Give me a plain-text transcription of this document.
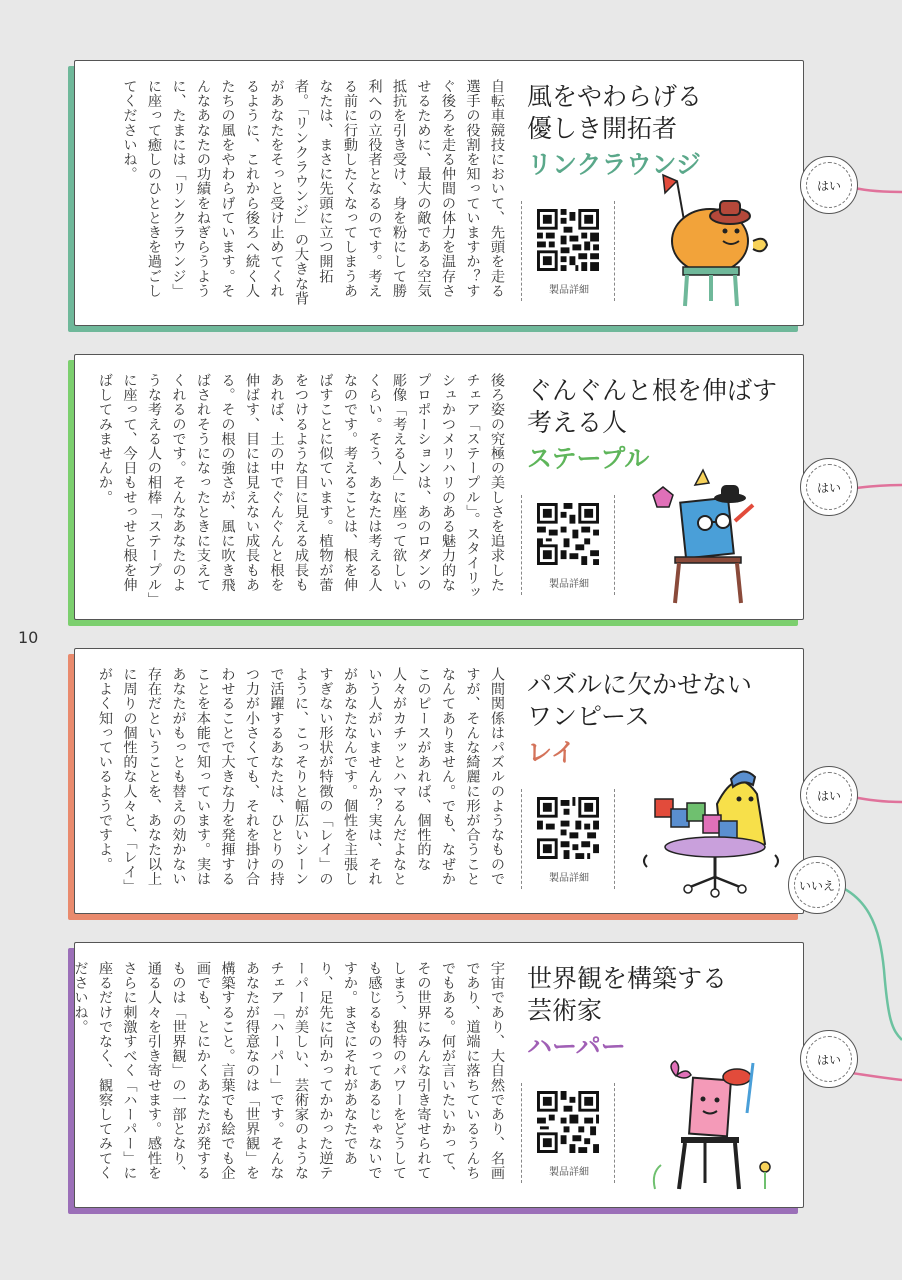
10
自転車競技において、先頭を走る選手の役割を知っていますか？すぐ後ろを走る仲間の体力を温存させるために、最大の敵である空気抵抗を引き受け、身を粉にして勝利への立役者となるのです。考える前に行動したくなってしまうあなたは、まさに先頭に立つ開拓者。「リンクラウンジ」の大きな背があなたをそっと受け止めてくれるように、これから後ろへ続く人たちの風をやわらげています。そんなあなたの功績をねぎらうように、たまには「リンクラウンジ」に座って癒しのひとときを過ごしてくださいね。	風をやわらげる
優しき開拓者
リンクラウンジ
製品詳細
後ろ姿の究極の美しさを追求したチェア「ステープル」。スタイリッシュかつメリハリのある魅力的なプロポーションは、あのロダンの彫像「考える人」に座って欲しいくらい。そう、あなたは考える人なのです。考えることは、根を伸ばすことに似ています。植物が蕾をつけるような目に見える成長もあれば、土の中でぐんぐんと根を伸ばす、目には見えない成長もある。その根の強さが、風に吹き飛ばされそうになったときに支えてくれるのです。そんなあなたのような考える人の相棒「ステープル」に座って、今日もせっせと根を伸ばしてみませんか。	ぐんぐんと根を伸ばす
考える人
ステープル
製品詳細
人間関係はパズルのようなものですが、そんな綺麗に形が合うことなんてありません。でも、なぜかこのピースがあれば、個性的な人々がカチッとハマるんだよなという人がいませんか？実は、それがあなたなんです。個性を主張しすぎない形状が特徴の「レイ」のように、こっそりと幅広いシーンで活躍するあなたは、ひとりの持つ力が小さくても、それを掛け合わせることで大きな力を発揮することを本能で知っています。実はあなたがもっとも替えの効かない存在だということを、あなた以上に周りの個性的な人々と、「レイ」がよく知っているようですよ。	パズルに欠かせない
ワンピース
レイ
製品詳細
宇宙であり、大自然であり、名画であり、道端に落ちているうんちでもある。何が言いたいかって、その世界にみんな引き寄せられてしまう、独特のパワーをどうしても感じるものってあるじゃないですか。まさにそれがあなたであり、足先に向かってかかった逆テーパーが美しい、芸術家のようなチェア「ハーパー」です。そんなあなたが得意なのは「世界観」を構築すること。言葉でも絵でも企画でも、とにかくあなたが発するものは「世界観」の一部となり、通る人々を引き寄せます。感性をさらに刺激すべく「ハーパー」に座るだけでなく、観察してみてくださいね。	世界観を構築する
芸術家
ハーパー
製品詳細
はい
はい
はい
いいえ
はい
